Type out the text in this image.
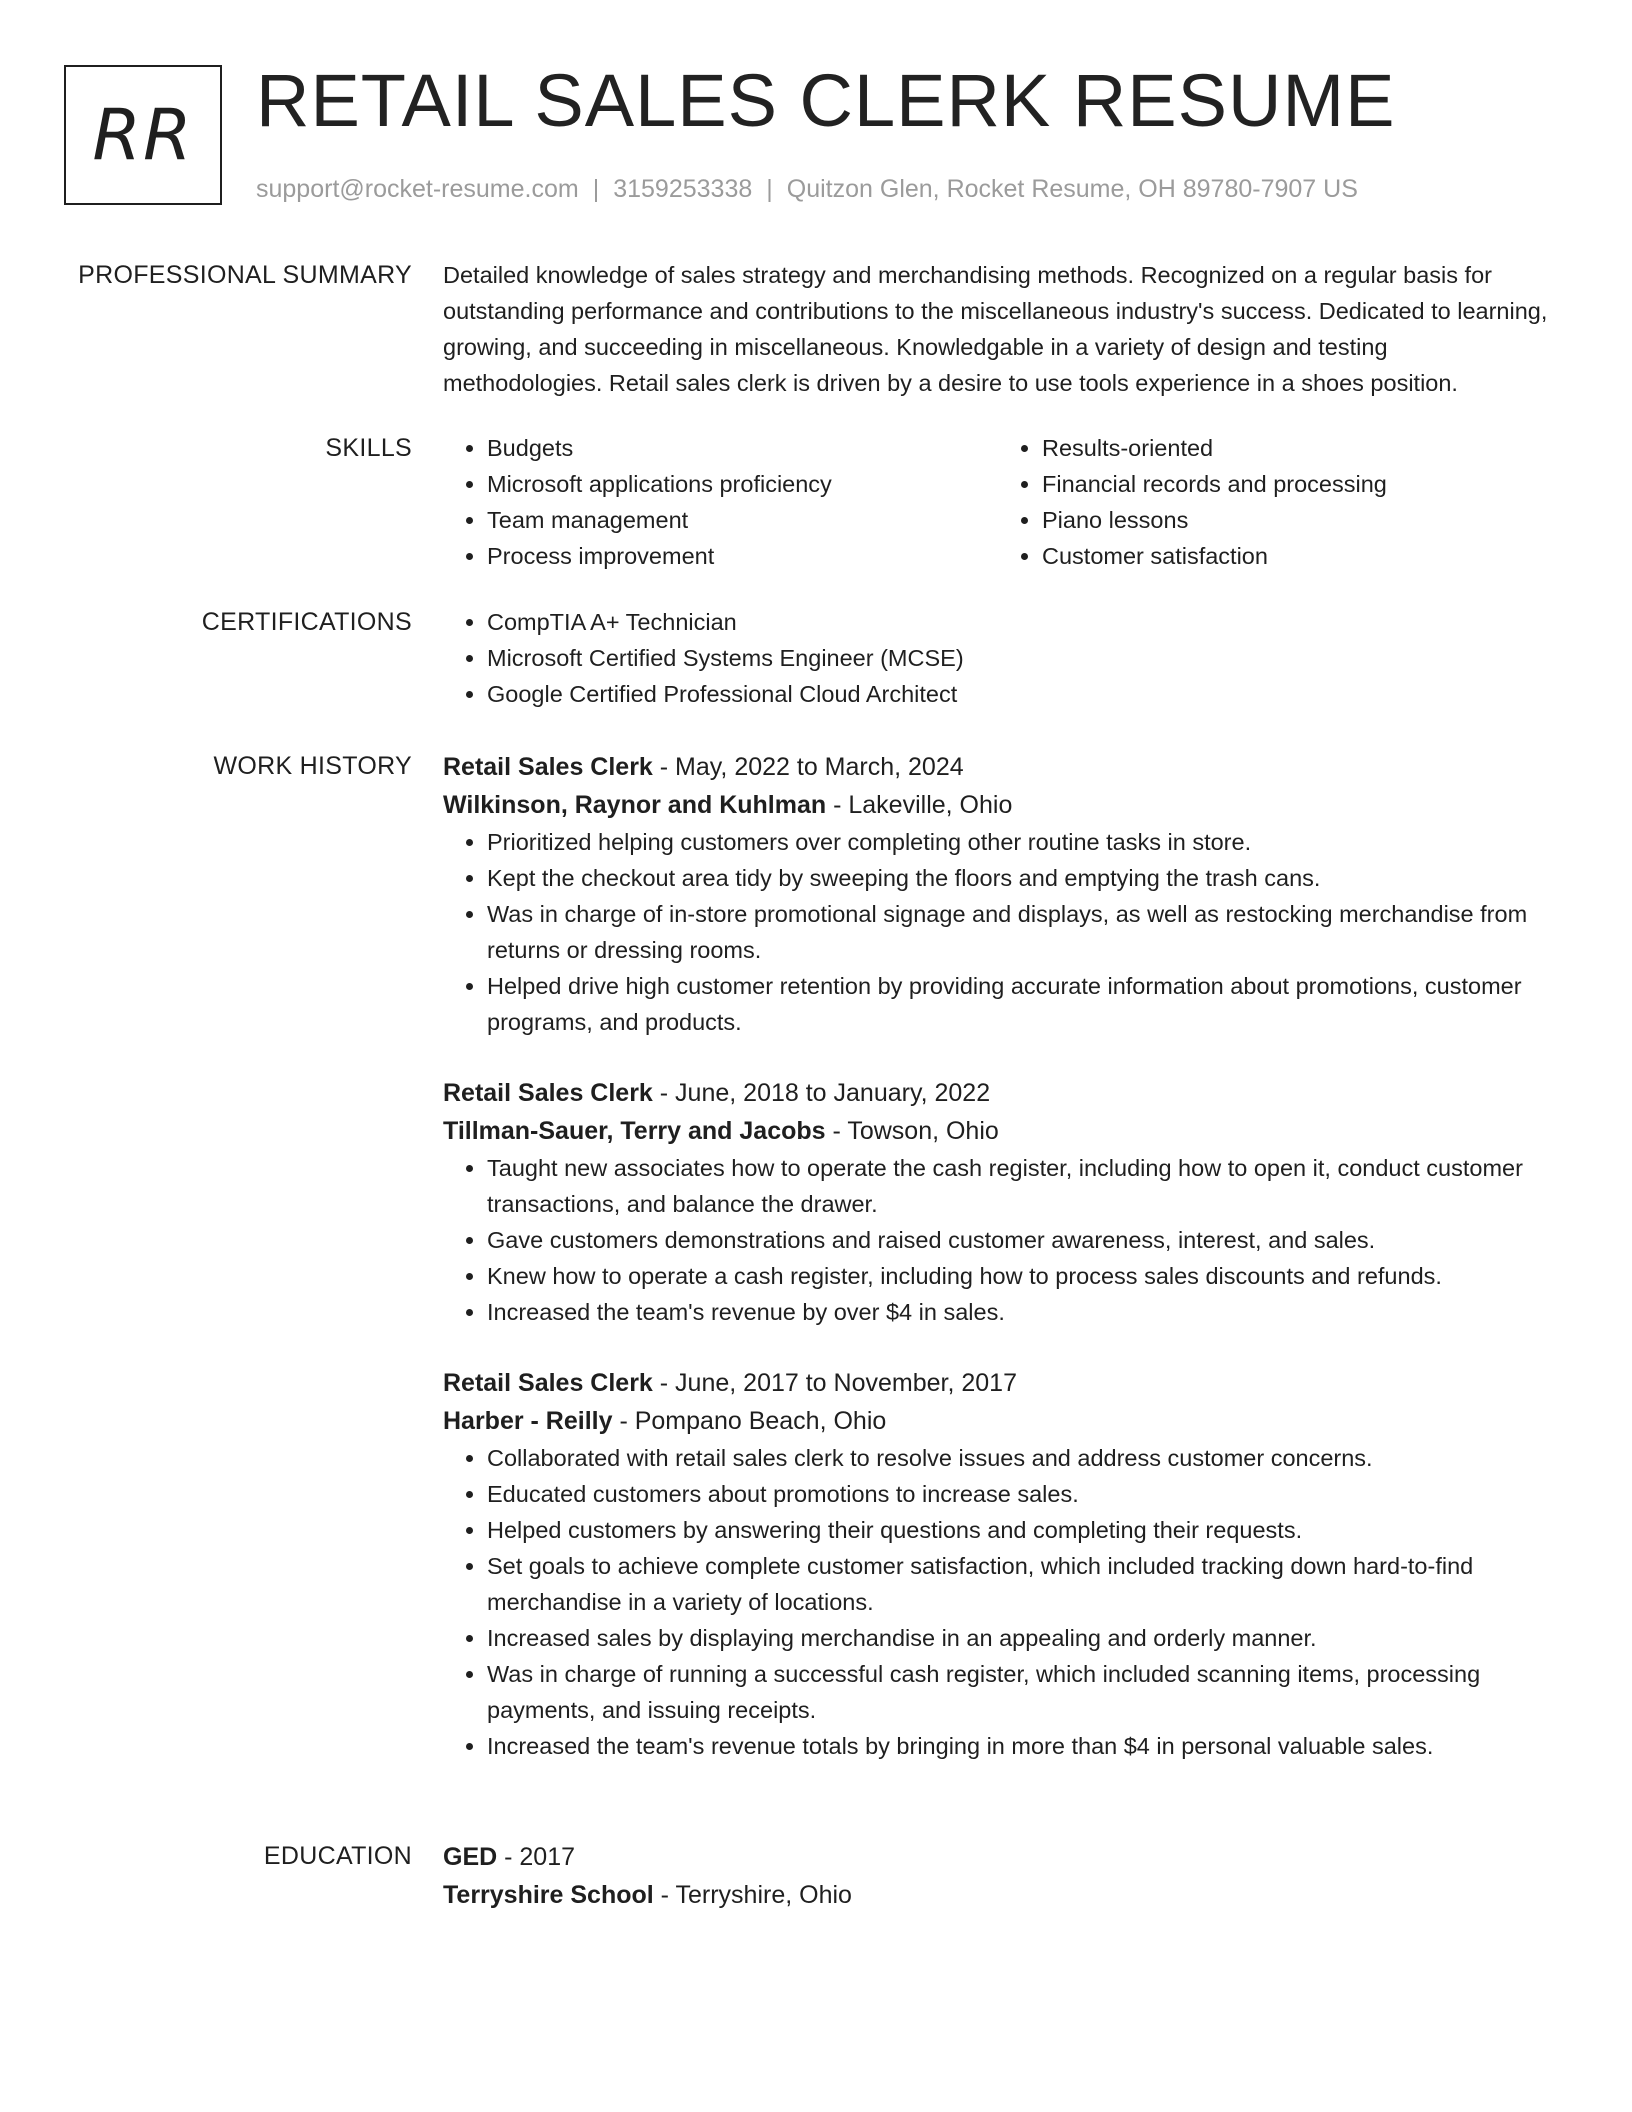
RR RETAIL SALES CLERK RESUME
support@rocket-resume.com | 3159253338 | Quitzon Glen, Rocket Resume, OH 89780-7907 US
PROFESSIONAL SUMMARY Detailed knowledge of sales strategy and merchandising methods. Recognized on a regular basis for outstanding performance and contributions to the miscellaneous industry's success. Dedicated to learning, growing, and succeeding in miscellaneous. Knowledgable in a variety of design and testing methodologies. Retail sales clerk is driven by a desire to use tools experience in a shoes position.

SKILLS	• Budgets
• Microsoft applications proficiency
• Team management
• Process improvement
• Results-oriented
• Financial records and processing
• Piano lessons
• Customer satisfaction
CERTIFICATIONS	• CompTIA A+ Technician
• Microsoft Certified Systems Engineer (MCSE)
• Google Certified Professional Cloud Architect
WORK HISTORY Retail Sales Clerk - May, 2022 to March, 2024
Wilkinson, Raynor and Kuhlman - Lakeville, Ohio
• Prioritized helping customers over completing other routine tasks in store.
• Kept the checkout area tidy by sweeping the floors and emptying the trash cans.
• Was in charge of in-store promotional signage and displays, as well as restocking merchandise from returns or dressing rooms.
• Helped drive high customer retention by providing accurate information about promotions, customer programs, and products.
Retail Sales Clerk - June, 2018 to January, 2022
Tillman-Sauer, Terry and Jacobs - Towson, Ohio
• Taught new associates how to operate the cash register, including how to open it, conduct customer transactions, and balance the drawer.
• Gave customers demonstrations and raised customer awareness, interest, and sales.
• Knew how to operate a cash register, including how to process sales discounts and refunds.
• Increased the team's revenue by over $4 in sales.
Retail Sales Clerk - June, 2017 to November, 2017
Harber - Reilly - Pompano Beach, Ohio
• Collaborated with retail sales clerk to resolve issues and address customer concerns.
• Educated customers about promotions to increase sales.
• Helped customers by answering their questions and completing their requests.
• Set goals to achieve complete customer satisfaction, which included tracking down hard-to-find merchandise in a variety of locations.
• Increased sales by displaying merchandise in an appealing and orderly manner.
• Was in charge of running a successful cash register, which included scanning items, processing payments, and issuing receipts.
• Increased the team's revenue totals by bringing in more than $4 in personal valuable sales.
EDUCATION GED - 2017
Terryshire School - Terryshire, Ohio
